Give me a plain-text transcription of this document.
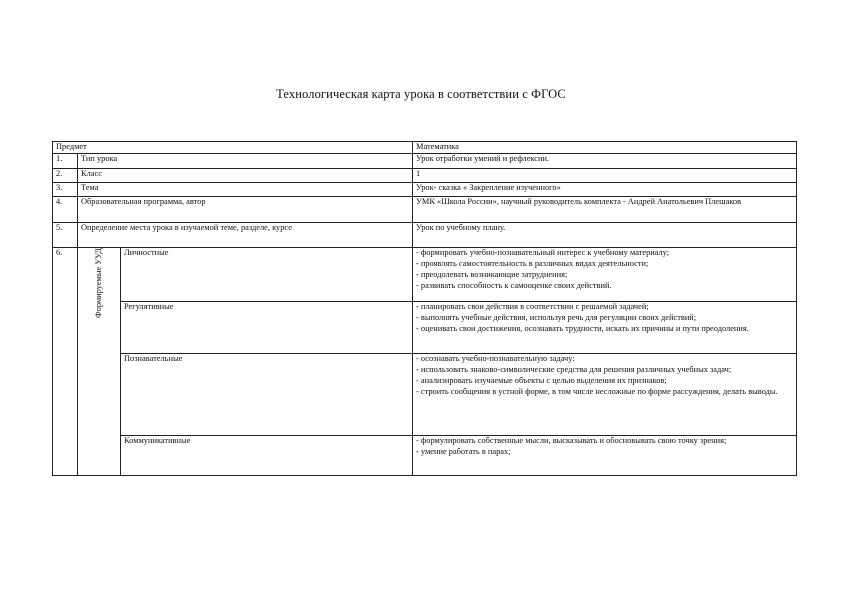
Технологическая карта урока в соответствии с ФГОС
Предмет			Математика
1.	Тип урока		Урок отработки умений и рефлексии.
2.	Класс		1
3.	Тема		Урок- сказка « Закрепление изученного»
4.	Образовательная программа, автор		УМК «Школа России», научный руководитель комплекта - Андрей Анатольевич Плешаков
5.	Определение места урока в изучаемой теме, разделе, курсе		Урок по учебному плану.
6.	Формируемые УУД	Личностные	- формировать учебно-познавательный интерес к учебному материалу;
- проявлять самостоятельность в различных видах деятельности;
- преодолевать возникающие затруднения;
- развивать способность к самооценке своих действий.

		Регулятивные	- планировать свои действия в соответствии с решаемой задачей;
- выполнять учебные действия, используя речь для регуляции своих действий;
- оценивать свои достижения, осознавать трудности, искать их причины и пути преодоления.

		Познавательные	- осознавать учебно-познавательную задачу:
- использовать знаково-символические средства для решения различных учебных задач;
- анализировать изучаемые объекты с целью выделения их признаков;
- строить сообщения в устной форме, в том числе несложные по форме рассуждения, делать выводы.

		Коммуникативные	- формулировать собственные мысли, высказывать и обосновывать свою точку зрения;
- умение работать в парах;
